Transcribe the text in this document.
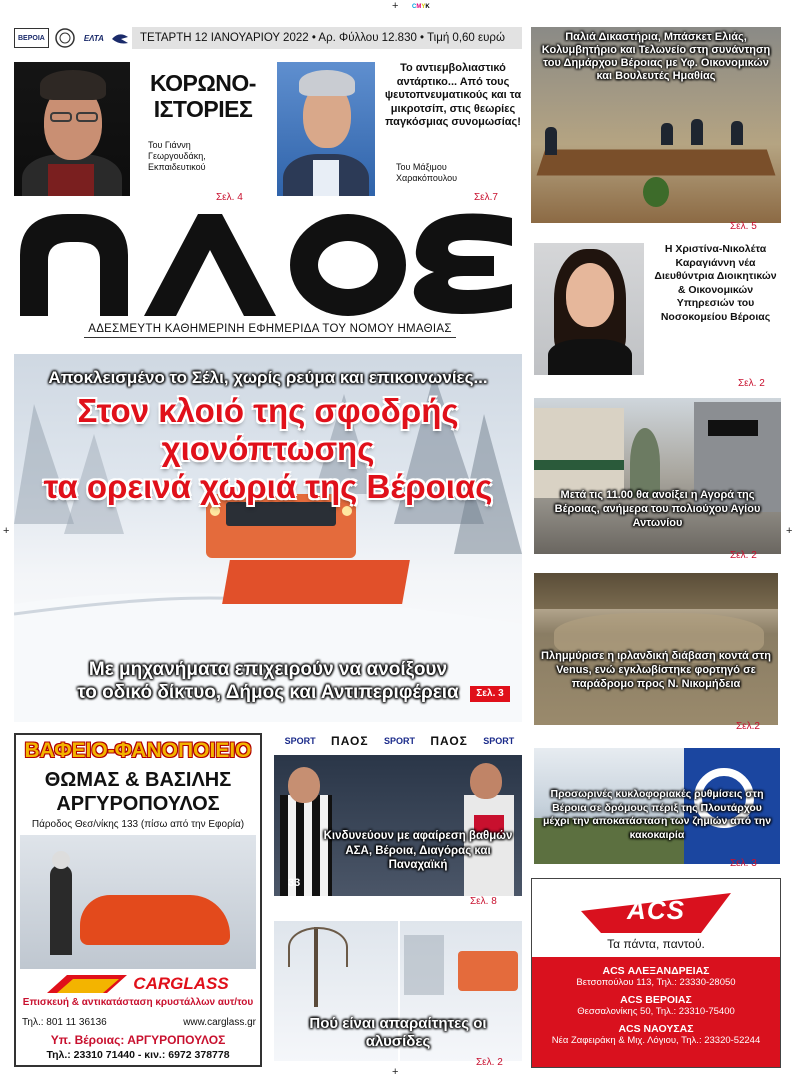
+ CMYK
+	+
+
ΒΕΡΟΙΑ	ΕΛΤΑ	ΤΕΤΑΡΤΗ 12 ΙΑΝΟΥΑΡΙΟΥ 2022 • Αρ. Φύλλου 12.830 • Τιμή 0,60 ευρώ
ΚΟΡΩΝΟ-
ΙΣΤΟΡΙΕΣ
Του Γιάννη
Γεωργουδάκη,
Εκπαιδευτικού
Σελ. 4
Το αντιεμβολιαστικό αντάρτικο... Από τους ψευτοπνευματικούς και τα μικροτσίπ, στις θεωρίες παγκόσμιας συνομωσίας!
Του Μάξιμου
Χαρακόπουλου
Σελ.7
ΑΔΕΣΜΕΥΤΗ ΚΑΘΗΜΕΡΙΝΗ ΕΦΗΜΕΡΙΔΑ ΤΟΥ ΝΟΜΟΥ ΗΜΑΘΙΑΣ
Αποκλεισμένο το Σέλι, χωρίς ρεύμα και επικοινωνίες...
Στον κλοιό της σφοδρής χιονόπτωσης
τα ορεινά χωριά της Βέροιας
Με μηχανήματα επιχειρούν να ανοίξουν
το οδικό δίκτυο, Δήμος και Αντιπεριφέρεια	Σελ. 3
Παλιά Δικαστήρια, Μπάσκετ Ελιάς, Κολυμβητήριο και Τελωνείο στη συνάντηση του Δημάρχου Βέροιας με Υφ. Οικονομικών και Βουλευτές Ημαθίας
Σελ. 5
Η Χριστίνα-Νικολέτα Καραγιάννη νέα Διευθύντρια Διοικητικών & Οικονομικών Υπηρεσιών του Νοσοκομείου Βέροιας
Σελ. 2
Μετά τις 11.00 θα ανοίξει η Αγορά της Βέροιας, ανήμερα του πολιούχου Αγίου Αντωνίου
Σελ. 2
Πλημμύρισε η ιρλανδική διάβαση κοντά στη Venus, ενώ εγκλωβίστηκε φορτηγό σε παράδρομο προς Ν. Νικομήδεια
Σελ.2
Προσωρινές κυκλοφοριακές ρυθμίσεις στη Βέροια σε δρόμους πέριξ της Πλουτάρχου μέχρι την αποκατάσταση των ζημιών από την κακοκαιρία
Σελ. 3
ΒΑΦΕΙΟ-ΦΑΝΟΠΟΙΕΙΟ
ΘΩΜΑΣ & ΒΑΣΙΛΗΣ
ΑΡΓΥΡΟΠΟΥΛΟΣ
Πάροδος Θεσ/νίκης 133 (πίσω από την Εφορία)
CARGLASS
Επισκευή & αντικατάσταση κρυστάλλων αυτ/του
Τηλ.: 801 11 36136	www.carglass.gr
Υπ. Βέροιας: ΑΡΓΥΡΟΠΟΥΛΟΣ
Τηλ.: 23310 71440 - κιν.: 6972 378778
SPORT ΠΑΟΣ SPORT ΠΑΟΣ SPORT
33
Κινδυνεύουν με αφαίρεση βαθμών ΑΣΑ, Βέροια, Διαγόρας και Παναχαϊκή
Σελ. 8
Πού είναι απαραίτητες οι αλυσίδες
Σελ. 2
ACS
Τα πάντα, παντού.
ACS ΑΛΕΞΑΝΔΡΕΙΑΣ
Βετσοπούλου 113, Τηλ.: 23330-28050
ACS ΒΕΡΟΙΑΣ
Θεσσαλονίκης 50, Τηλ.: 23310-75400
ACS ΝΑΟΥΣΑΣ
Νέα Ζαφειράκη & Μιχ. Λόγιου, Τηλ.: 23320-52244
